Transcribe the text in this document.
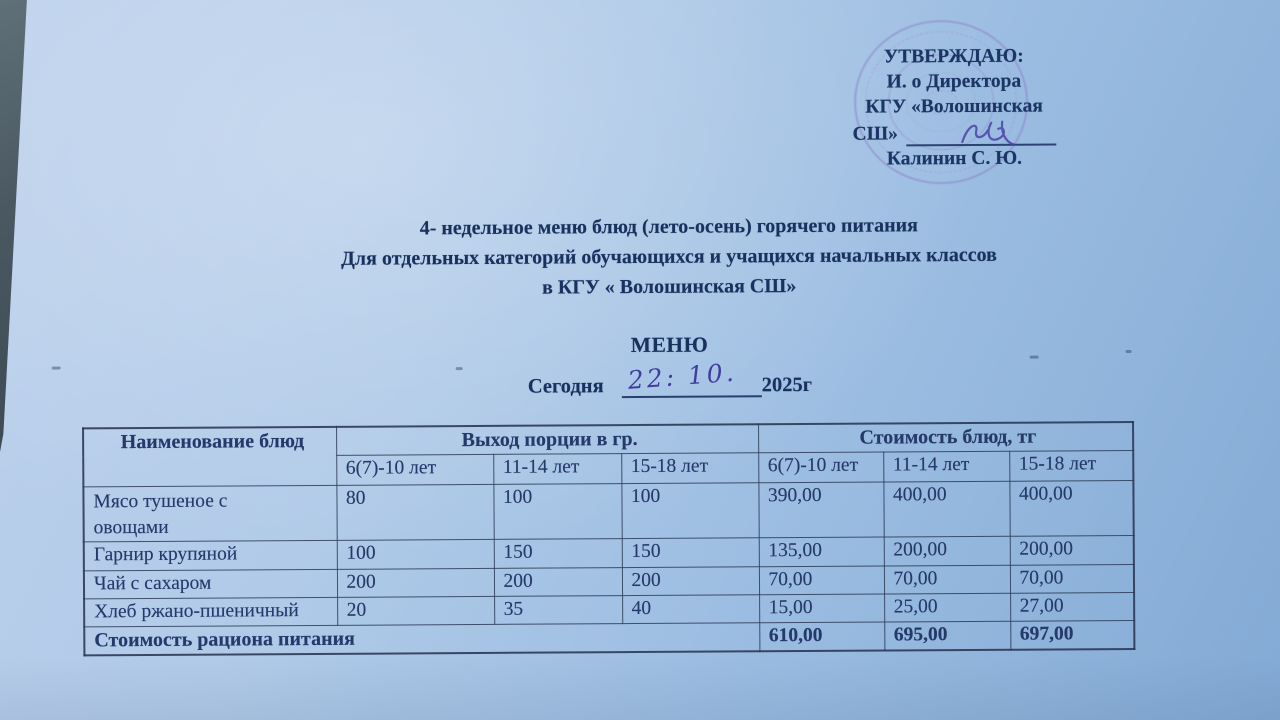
УТВЕРЖДАЮ:
И. о Директора
КГУ «Волошинская
СШ»
Калинин С. Ю.
4- недельное меню блюд (лето-осень) горячего питания
Для отдельных категорий обучающихся и учащихся начальных классов
в КГУ « Волошинская СШ»
МЕНЮ
Сегодня 22: 10. 2025г
Наименование блюд	Выход порции в гр.			Стоимость блюд, тг		
	6(7)-10 лет	11-14 лет	15-18 лет	6(7)-10 лет	11-14 лет	15-18 лет
Мясо тушеное с овощами	80	100	100	390,00	400,00	400,00
Гарнир крупяной	100	150	150	135,00	200,00	200,00
Чай с сахаром	200	200	200	70,00	70,00	70,00
Хлеб ржано-пшеничный	20	35	40	15,00	25,00	27,00
Стоимость рациона питания				610,00	695,00	697,00
